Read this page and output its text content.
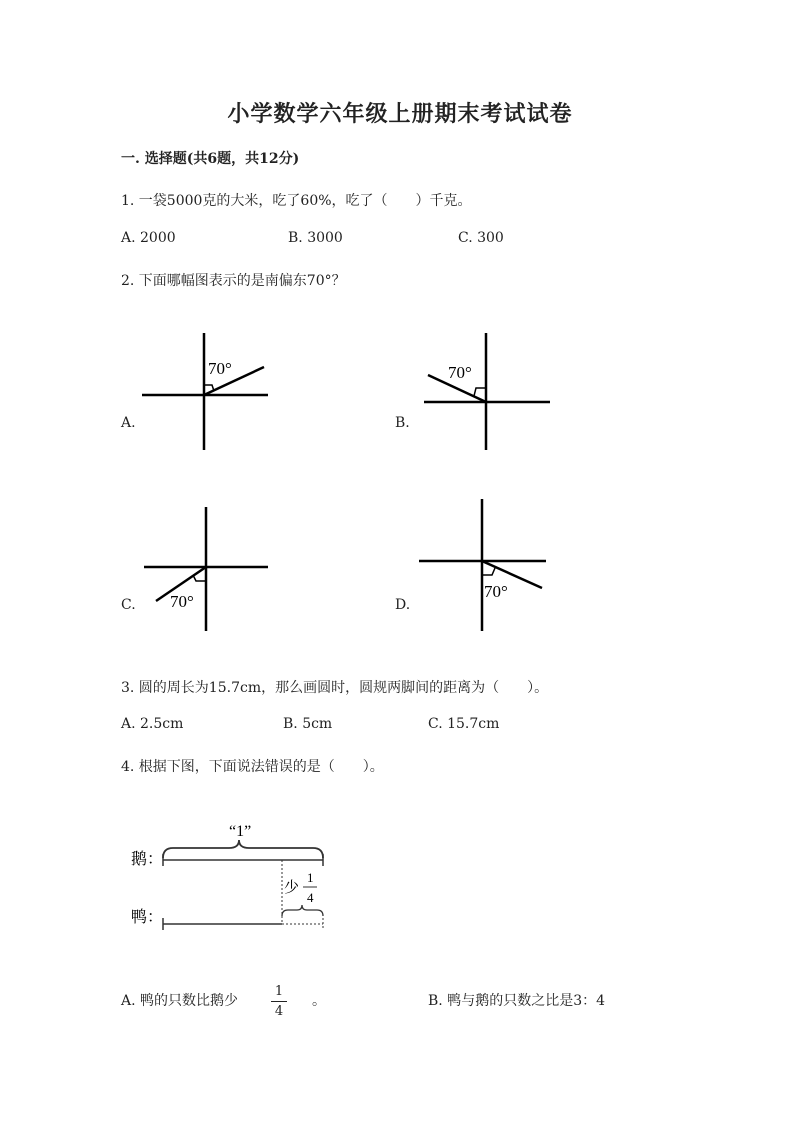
小学数学六年级上册期末考试试卷
一. 选择题(共6题，共12分)
1. 一袋5000克的大米，吃了60%，吃了（　　）千克。
A. 2000	B. 3000	C. 300
2. 下面哪幅图表示的是南偏东70°？
70°
A.
70°
B.
70°
C.
70°
D.
3. 圆的周长为15.7cm，那么画圆时，圆规两脚间的距离为（　　）。
A. 2.5cm	B. 5cm	C. 15.7cm
4. 根据下图，下面说法错误的是（　　）。
“1”
鹅：
少
1
4
鸭：
A. 鸭的只数比鹅少
1
4
。	B. 鸭与鹅的只数之比是3：4
